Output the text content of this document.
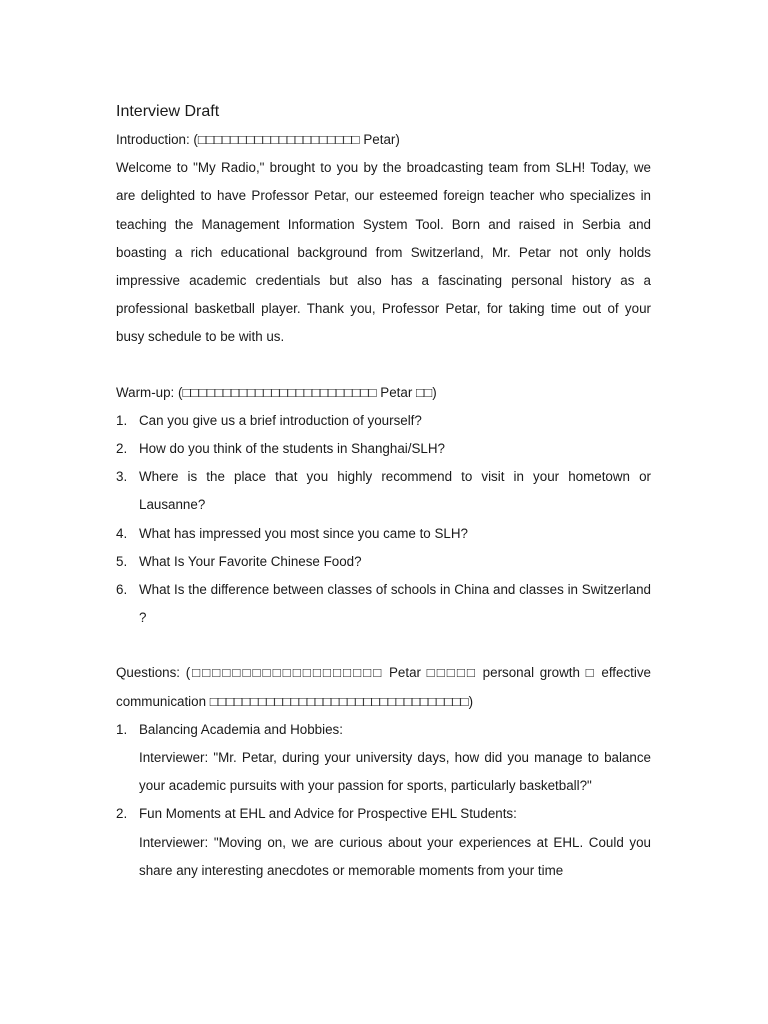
Interview Draft

Introduction: (□□□□□□□□□□□□□□□□□□□□ Petar)

Welcome to "My Radio," brought to you by the broadcasting team from SLH! Today, we are delighted to have Professor Petar, our esteemed foreign teacher who specializes in teaching the Management Information System Tool. Born and raised in Serbia and boasting a rich educational background from Switzerland, Mr. Petar not only holds impressive academic credentials but also has a fascinating personal history as a professional basketball player. Thank you, Professor Petar, for taking time out of your busy schedule to be with us.

Warm-up: (□□□□□□□□□□□□□□□□□□□□□□□□ Petar □□)

1. Can you give us a brief introduction of yourself?
2. How do you think of the students in Shanghai/SLH?
3. Where is the place that you highly recommend to visit in your hometown or Lausanne?
4. What has impressed you most since you came to SLH?
5. What Is Your Favorite Chinese Food?
6. What Is the difference between classes of schools in China and classes in Switzerland ?

Questions: (□□□□□□□□□□□□□□□□□□□ Petar □□□□□ personal growth □ effective communication □□□□□□□□□□□□□□□□□□□□□□□□□□□□□□□□)

1. Balancing Academia and Hobbies:
Interviewer: "Mr. Petar, during your university days, how did you manage to balance your academic pursuits with your passion for sports, particularly basketball?"
2. Fun Moments at EHL and Advice for Prospective EHL Students:
Interviewer: "Moving on, we are curious about your experiences at EHL. Could you share any interesting anecdotes or memorable moments from your time
